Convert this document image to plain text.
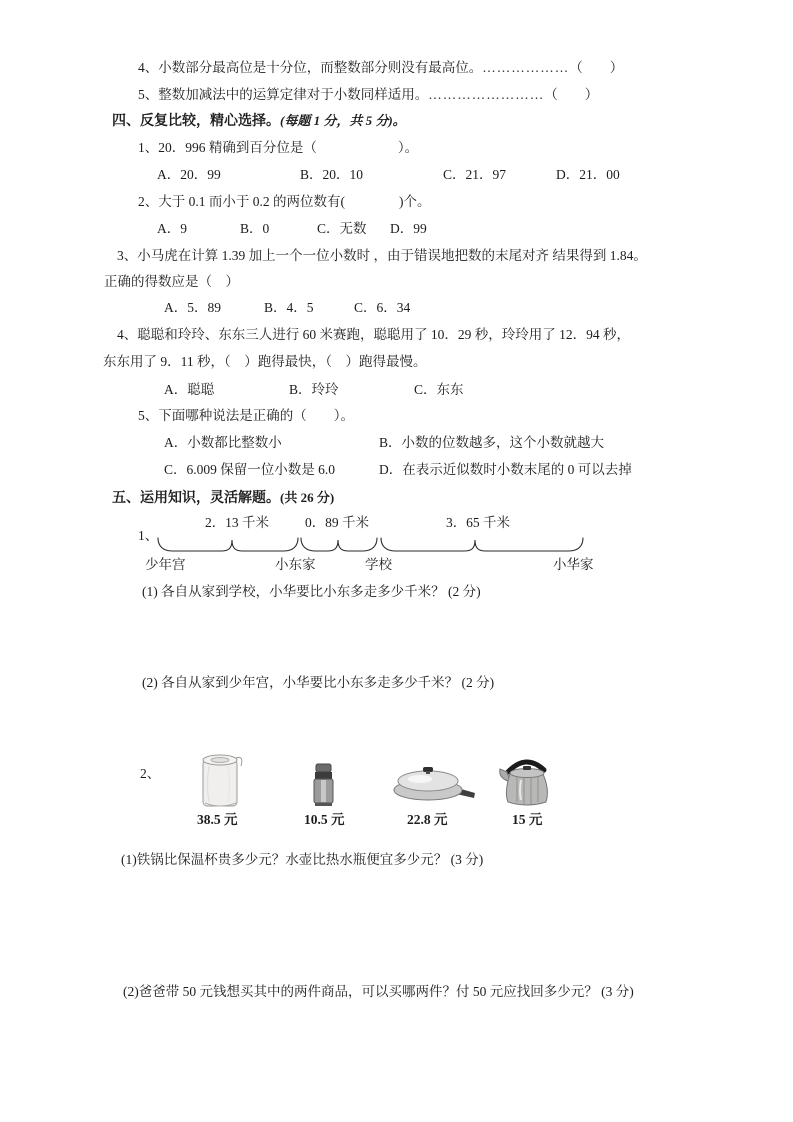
4、小数部分最高位是十分位，而整数部分则没有最高位。………………（　　）
5、整数加减法中的运算定律对于小数同样适用。……………………（　　）
四、反复比较，精心选择。(每题 1 分，共 5 分)。
1、20．996 精确到百分位是（　　　　　　）。
A．20．99	B．20．10	C．21．97	D．21．00
2、大于 0.1 而小于 0.2 的两位数有(　　　　)个。
A．9	B．0	C．无数	D．99
3、小马虎在计算 1.39 加上一个一位小数时 ，由于错误地把数的末尾对齐 结果得到 1.84。
正确的得数应是（　）
A．5．89	B．4．5	C．6．34
4、聪聪和玲玲、东东三人进行 60 米赛跑，聪聪用了 10．29 秒，玲玲用了 12．94 秒，
东东用了 9．11 秒，（　）跑得最快，（　）跑得最慢。
A．聪聪	B．玲玲	C．东东
5、下面哪种说法是正确的（　　）。
A．小数都比整数小	B．小数的位数越多，这个小数就越大
C．6.009 保留一位小数是 6.0	D．在表示近似数时小数末尾的 0 可以去掉
五、运用知识，灵活解题。(共 26 分)
2．13 千米	0．89 千米	3．65 千米
1、
少年宫	小东家	学校	小华家
(1) 各自从家到学校，小华要比小东多走多少千米？ (2 分)
(2) 各自从家到少年宫，小华要比小东多走多少千米？ (2 分)
2、
38.5 元	10.5 元	22.8 元	15 元
(1)铁锅比保温杯贵多少元？水壶比热水瓶便宜多少元？ (3 分)
(2)爸爸带 50 元钱想买其中的两件商品，可以买哪两件？付 50 元应找回多少元？ (3 分)
